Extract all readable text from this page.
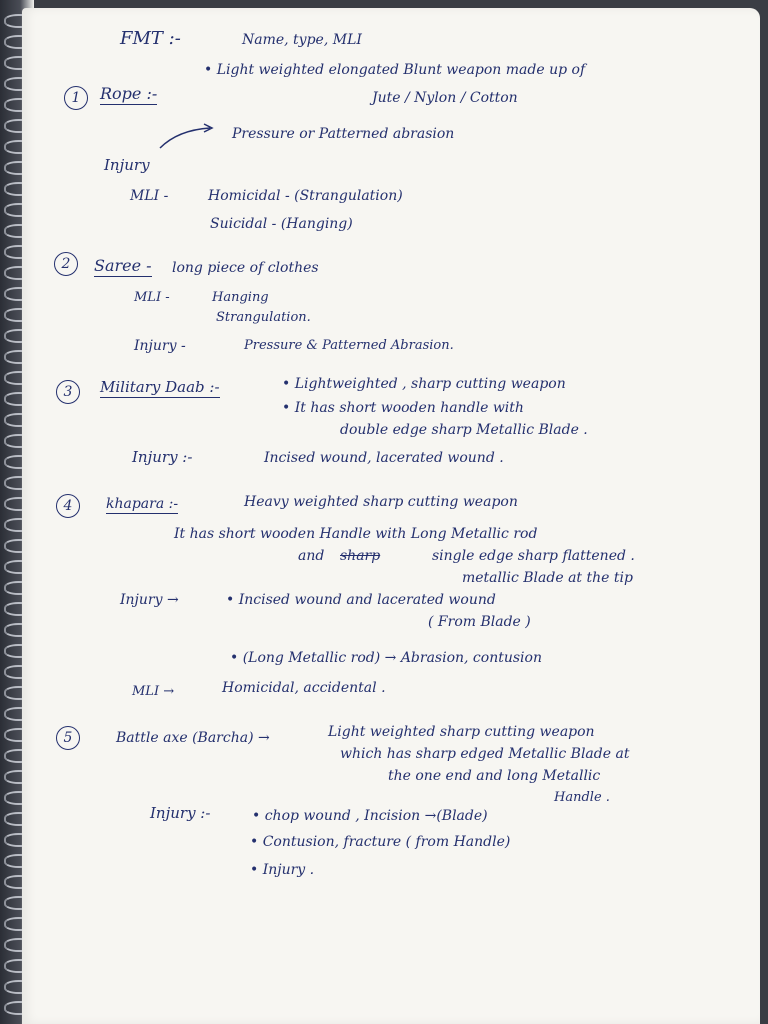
FMT :-	Name, type, MLI
1	Rope :-
• Light weighted elongated Blunt weapon made up of
Jute / Nylon / Cotton
Pressure or Patterned abrasion
Injury
MLI -	Homicidal - (Strangulation)
Suicidal - (Hanging)
2	Saree - long piece of clothes
MLI -	Hanging
Strangulation.
Injury -	Pressure & Patterned Abrasion.
3	Military Daab :-	• Lightweighted , sharp cutting weapon
• It has short wooden handle with
double edge sharp Metallic Blade .
Injury :-	Incised wound, lacerated wound .
4	khapara :-	Heavy weighted sharp cutting weapon
It has short wooden Handle with Long Metallic rod
and sharp	single edge sharp flattened .
metallic Blade at the tip
Injury →	• Incised wound and lacerated wound
( From Blade )
• (Long Metallic rod) → Abrasion, contusion
MLI →	Homicidal, accidental .
5	Battle axe (Barcha) →	Light weighted sharp cutting weapon
which has sharp edged Metallic Blade at
the one end and long Metallic
Handle .
Injury :-	• chop wound , Incision →(Blade)
• Contusion, fracture ( from Handle)
• Injury .
